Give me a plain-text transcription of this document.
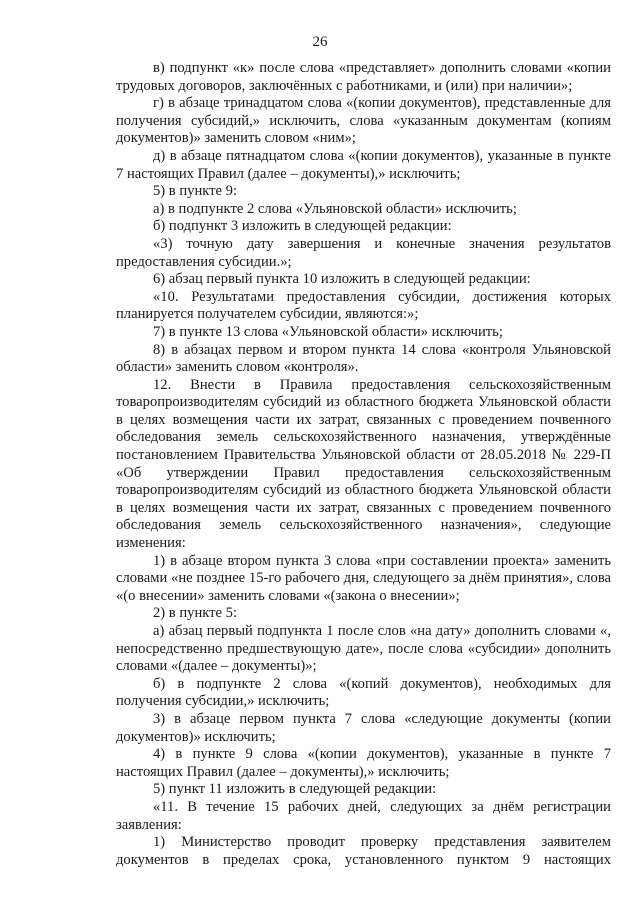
26

в) подпункт «к» после слова «представляет» дополнить словами «копии трудовых договоров, заключённых с работниками, и (или) при наличии»;

г) в абзаце тринадцатом слова «(копии документов), представленные для получения субсидий,» исключить, слова «указанным документам (копиям документов)» заменить словом «ним»;

д) в абзаце пятнадцатом слова «(копии документов), указанные в пункте 7 настоящих Правил (далее – документы),» исключить;

5) в пункте 9:

а) в подпункте 2 слова «Ульяновской области» исключить;

б) подпункт 3 изложить в следующей редакции:

«3) точную дату завершения и конечные значения результатов предоставления субсидии.»;

6) абзац первый пункта 10 изложить в следующей редакции:

«10. Результатами предоставления субсидии, достижения которых планируется получателем субсидии, являются:»;

7) в пункте 13 слова «Ульяновской области» исключить;

8) в абзацах первом и втором пункта 14 слова «контроля Ульяновской области» заменить словом «контроля».

12. Внести в Правила предоставления сельскохозяйственным товаропроизводителям субсидий из областного бюджета Ульяновской области в целях возмещения части их затрат, связанных с проведением почвенного обследования земель сельскохозяйственного назначения, утверждённые постановлением Правительства Ульяновской области от 28.05.2018 № 229-П «Об утверждении Правил предоставления сельскохозяйственным товаропроизводителям субсидий из областного бюджета Ульяновской области в целях возмещения части их затрат, связанных с проведением почвенного обследования земель сельскохозяйственного назначения», следующие изменения:

1) в абзаце втором пункта 3 слова «при составлении проекта» заменить словами «не позднее 15-го рабочего дня, следующего за днём принятия», слова «(о внесении» заменить словами «(закона о внесении»;

2) в пункте 5:

а) абзац первый подпункта 1 после слов «на дату» дополнить словами «, непосредственно предшествующую дате», после слова «субсидии» дополнить словами «(далее – документы)»;

б) в подпункте 2 слова «(копий документов), необходимых для получения субсидии,» исключить;

3) в абзаце первом пункта 7 слова «следующие документы (копии документов)» исключить;

4) в пункте 9 слова «(копии документов), указанные в пункте 7 настоящих Правил (далее – документы),» исключить;

5) пункт 11 изложить в следующей редакции:

«11. В течение 15 рабочих дней, следующих за днём регистрации заявления:

1) Министерство проводит проверку представления заявителем документов в пределах срока, установленного пунктом 9 настоящих
